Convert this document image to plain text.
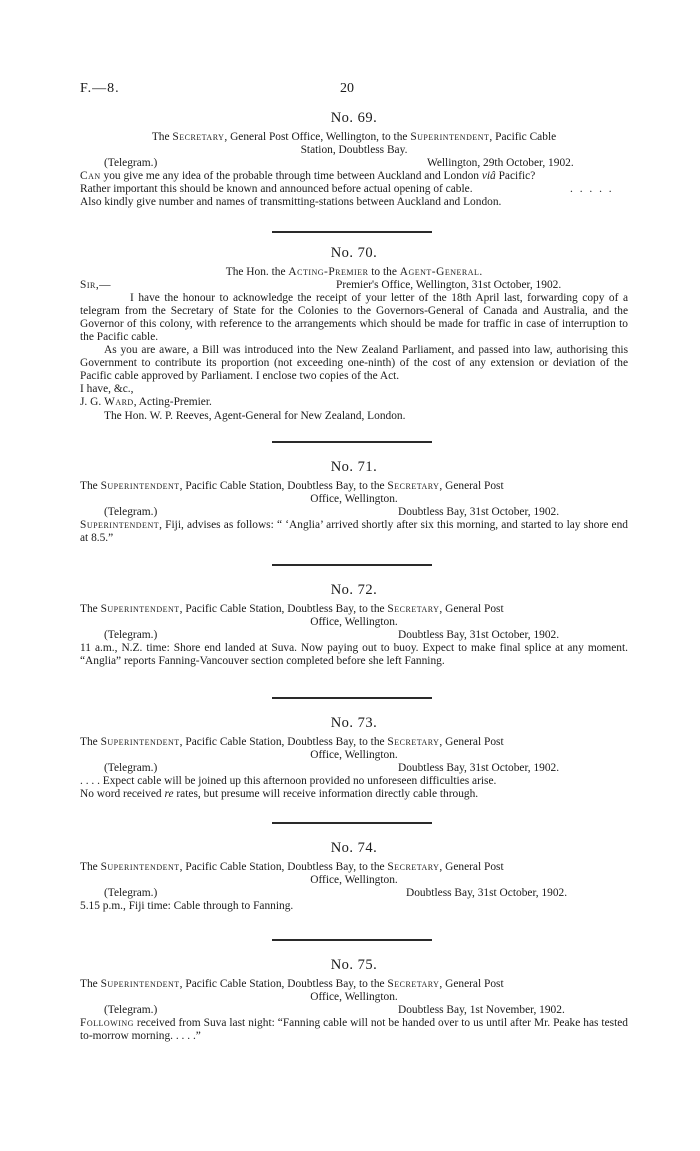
F.—8.	20
No. 69.

The Secretary, General Post Office, Wellington, to the Superintendent, Pacific Cable

Station, Doubtless Bay.

(Telegram.)	Wellington, 29th October, 1902.

Can you give me any idea of the probable through time between Auckland and London viâ Pacific?
Rather important this should be known and announced before actual opening of cable.	. . . . .

Also kindly give number and names of transmitting-stations between Auckland and London.

No. 70.

The Hon. the Acting-Premier to the Agent-General.

Sir,—	Premier's Office, Wellington, 31st October, 1902.

I have the honour to acknowledge the receipt of your letter of the 18th April last, forwarding copy of a telegram from the Secretary of State for the Colonies to the Governors-General of Canada and Australia, and the Governor of this colony, with reference to the arrangements which should be made for traffic in case of interruption to the Pacific cable.

As you are aware, a Bill was introduced into the New Zealand Parliament, and passed into law, authorising this Government to contribute its proportion (not exceeding one-ninth) of the cost of any extension or deviation of the Pacific cable approved by Parliament. I enclose two copies of the Act.

I have, &c.,
J. G. Ward, Acting-Premier.

The Hon. W. P. Reeves, Agent-General for New Zealand, London.

No. 71.

The Superintendent, Pacific Cable Station, Doubtless Bay, to the Secretary, General Post

Office, Wellington.

(Telegram.)	Doubtless Bay, 31st October, 1902.

Superintendent, Fiji, advises as follows: “ ‘Anglia’ arrived shortly after six this morning, and started to lay shore end at 8.5.”

No. 72.

The Superintendent, Pacific Cable Station, Doubtless Bay, to the Secretary, General Post

Office, Wellington.

(Telegram.)	Doubtless Bay, 31st October, 1902.

11 a.m., N.Z. time: Shore end landed at Suva. Now paying out to buoy. Expect to make final splice at any moment. “Anglia” reports Fanning-Vancouver section completed before she left Fanning.

No. 73.

The Superintendent, Pacific Cable Station, Doubtless Bay, to the Secretary, General Post

Office, Wellington.

(Telegram.)	Doubtless Bay, 31st October, 1902.

. . . . Expect cable will be joined up this afternoon provided no unforeseen difficulties arise.
No word received re rates, but presume will receive information directly cable through.

No. 74.

The Superintendent, Pacific Cable Station, Doubtless Bay, to the Secretary, General Post

Office, Wellington.

(Telegram.)	Doubtless Bay, 31st October, 1902.

5.15 p.m., Fiji time: Cable through to Fanning.

No. 75.

The Superintendent, Pacific Cable Station, Doubtless Bay, to the Secretary, General Post

Office, Wellington.

(Telegram.)	Doubtless Bay, 1st November, 1902.

Following received from Suva last night: “Fanning cable will not be handed over to us until after Mr. Peake has tested to-morrow morning. . . . .”
